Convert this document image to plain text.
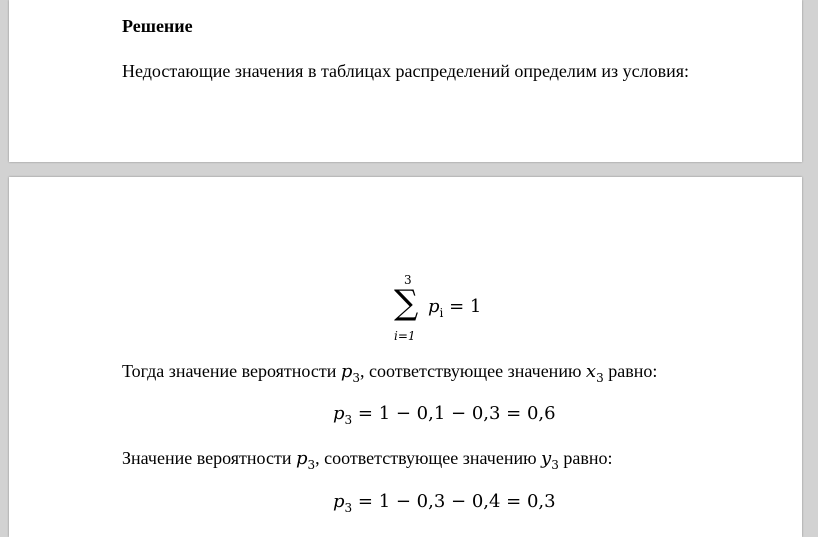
Решение
Недостающие значения в таблицах распределений определим из условия:
3
∑
i=1
$p_i = 1$
Тогда значение вероятности $p_3$, соответствующее значению $x_3$ равно:
$p_3 = 1 - 0,1 - 0,3 = 0,6$
Значение вероятности $p_3$, соответствующее значению $y_3$ равно:
$p_3 = 1 - 0,3 - 0,4 = 0,3$
